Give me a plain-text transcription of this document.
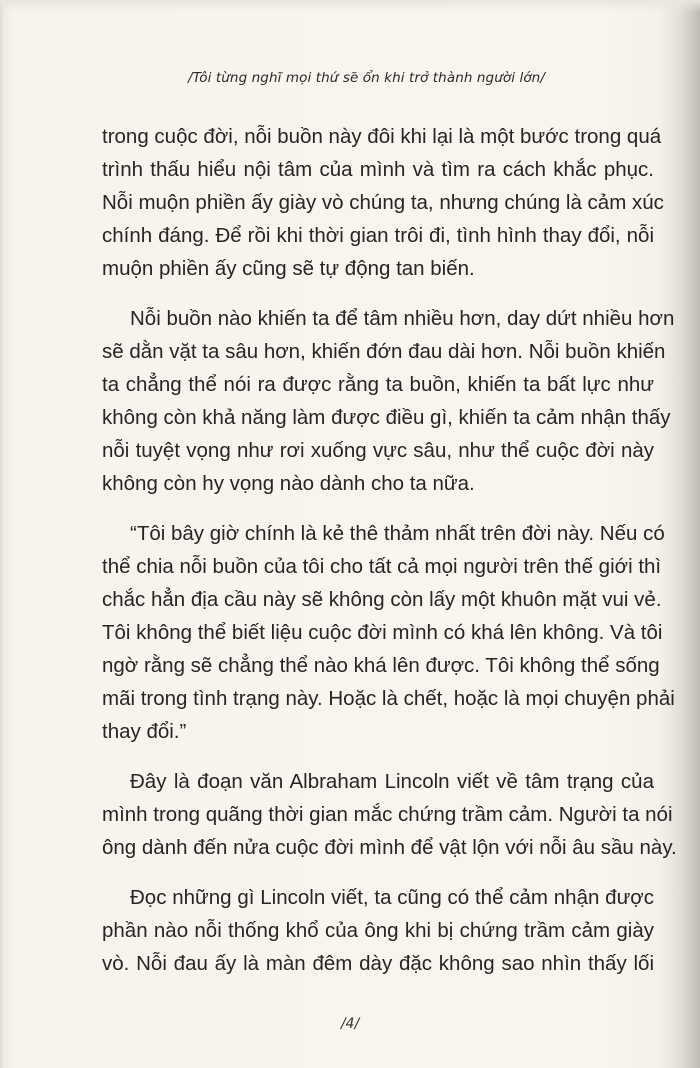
/Tôi từng nghĩ mọi thứ sẽ ổn khi trở thành người lớn/
trong cuộc đời, nỗi buồn này đôi khi lại là một bước trong quá
trình thấu hiểu nội tâm của mình và tìm ra cách khắc phục.
Nỗi muộn phiền ấy giày vò chúng ta, nhưng chúng là cảm xúc
chính đáng. Để rồi khi thời gian trôi đi, tình hình thay đổi, nỗi
muộn phiền ấy cũng sẽ tự động tan biến.
Nỗi buồn nào khiến ta để tâm nhiều hơn, day dứt nhiều hơn
sẽ dằn vặt ta sâu hơn, khiến đớn đau dài hơn. Nỗi buồn khiến
ta chẳng thể nói ra được rằng ta buồn, khiến ta bất lực như
không còn khả năng làm được điều gì, khiến ta cảm nhận thấy
nỗi tuyệt vọng như rơi xuống vực sâu, như thể cuộc đời này
không còn hy vọng nào dành cho ta nữa.
“Tôi bây giờ chính là kẻ thê thảm nhất trên đời này. Nếu có
thể chia nỗi buồn của tôi cho tất cả mọi người trên thế giới thì
chắc hẳn địa cầu này sẽ không còn lấy một khuôn mặt vui vẻ.
Tôi không thể biết liệu cuộc đời mình có khá lên không. Và tôi
ngờ rằng sẽ chẳng thể nào khá lên được. Tôi không thể sống
mãi trong tình trạng này. Hoặc là chết, hoặc là mọi chuyện phải
thay đổi.”
Đây là đoạn văn Albraham Lincoln viết về tâm trạng của
mình trong quãng thời gian mắc chứng trầm cảm. Người ta nói
ông dành đến nửa cuộc đời mình để vật lộn với nỗi âu sầu này.
Đọc những gì Lincoln viết, ta cũng có thể cảm nhận được
phần nào nỗi thống khổ của ông khi bị chứng trầm cảm giày
vò. Nỗi đau ấy là màn đêm dày đặc không sao nhìn thấy lối
/4/
